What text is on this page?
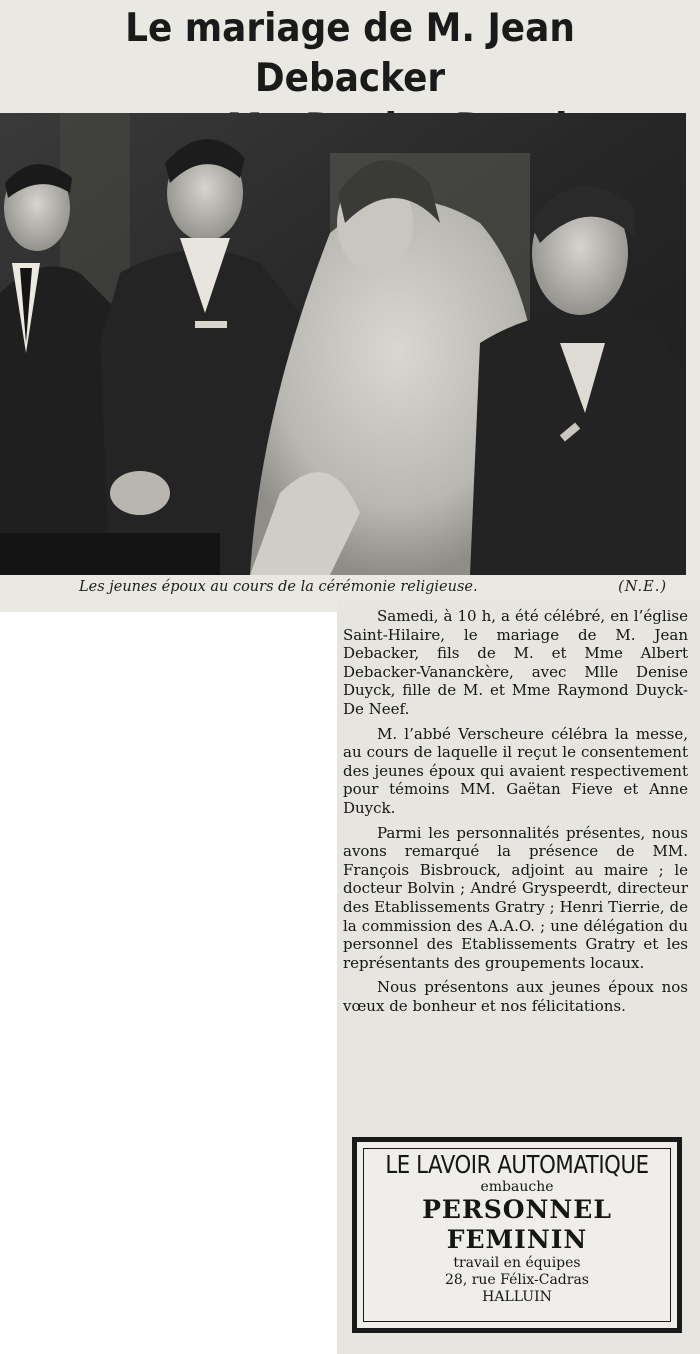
Le mariage de M. Jean Debacker
Les jeunes époux au cours de la cérémonie religieuse.	(N.E.)

Samedi, à 10 h, a été célébré, en l’église Saint-Hilaire, le mariage de M. Jean Debacker, fils de M. et Mme Albert Debacker-Vananckère, avec Mlle Denise Duyck, fille de M. et Mme Raymond Duyck-De Neef.

M. l’abbé Verscheure célébra la messe, au cours de laquelle il reçut le consentement des jeunes époux qui avaient respectivement pour témoins MM. Gaëtan Fieve et Anne Duyck.

Parmi les personnalités présentes, nous avons remarqué la présence de MM. François Bisbrouck, adjoint au maire ; le docteur Bolvin ; André Gryspeerdt, directeur des Etablissements Gratry ; Henri Tierrie, de la commission des A.A.O. ; une délégation du personnel des Etablissements Gratry et les représentants des groupements locaux.

Nous présentons aux jeunes époux nos vœux de bonheur et nos félicitations.

LE LAVOIR AUTOMATIQUE
embauche
PERSONNEL
FEMININ
travail en équipes
28, rue Félix-Cadras
HALLUIN
